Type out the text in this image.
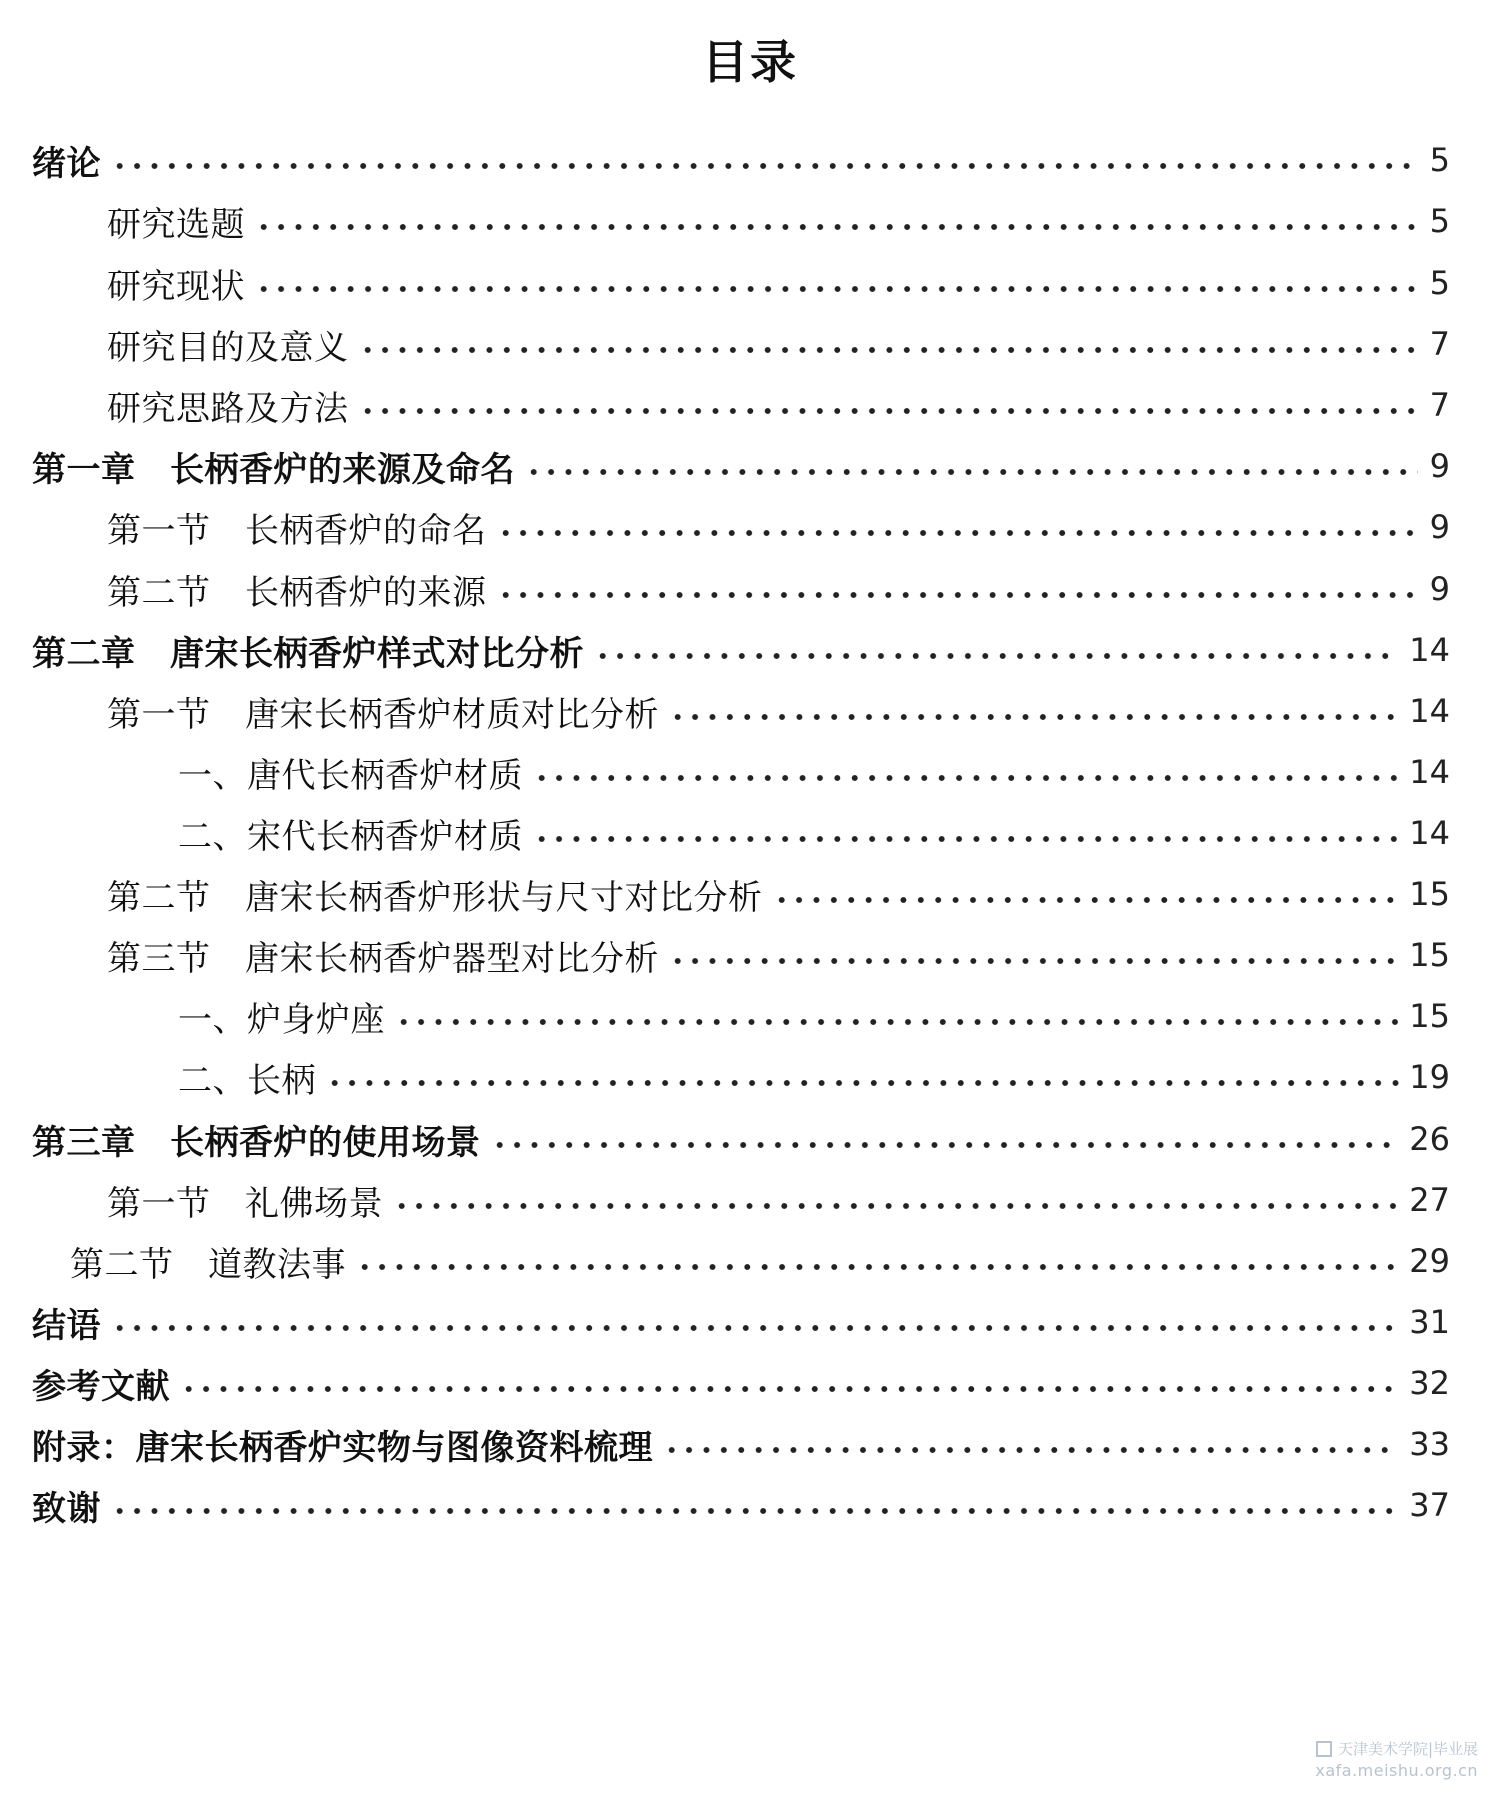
目录
绪论	5
研究选题	5
研究现状	5
研究目的及意义	7
研究思路及方法	7
第一章　长柄香炉的来源及命名	9
第一节　长柄香炉的命名	9
第二节　长柄香炉的来源	9
第二章　唐宋长柄香炉样式对比分析	14
第一节　唐宋长柄香炉材质对比分析	14
一、唐代长柄香炉材质	14
二、宋代长柄香炉材质	14
第二节　唐宋长柄香炉形状与尺寸对比分析	15
第三节　唐宋长柄香炉器型对比分析	15
一、炉身炉座	15
二、长柄	19
第三章　长柄香炉的使用场景	26
第一节　礼佛场景	27
第二节　道教法事	29
结语	31
参考文献	32
附录：唐宋长柄香炉实物与图像资料梳理	33
致谢	37
天津美术学院|毕业展
xafa.meishu.org.cn
